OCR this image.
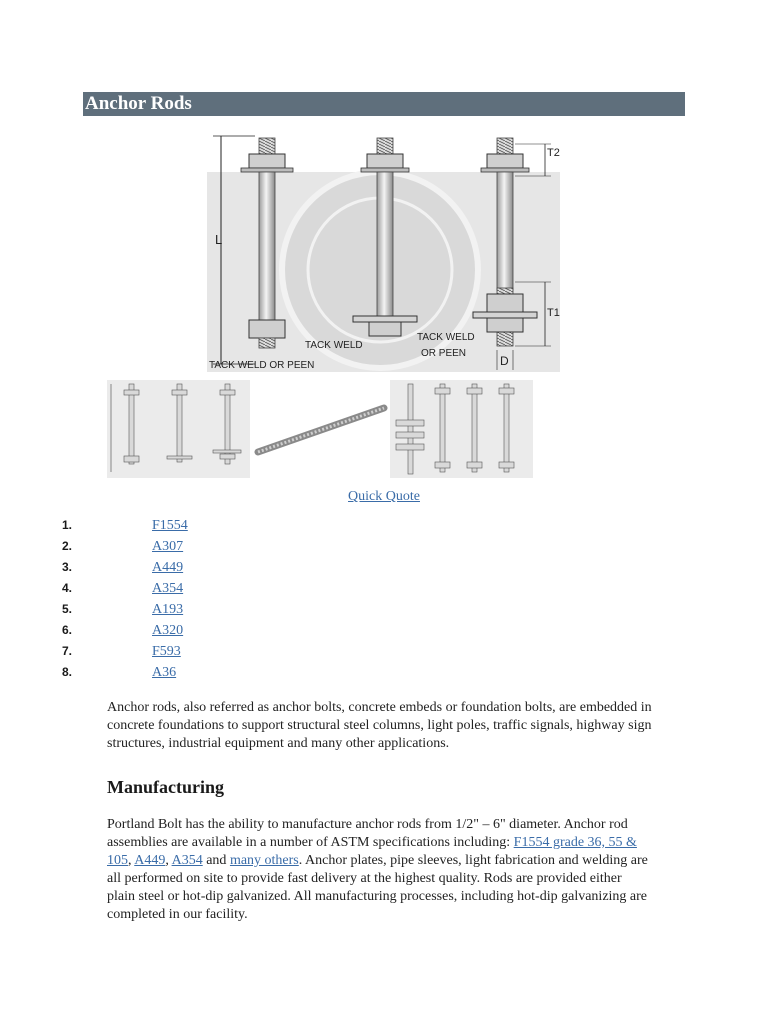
Anchor Rods
L
T2
T1
D
TACK WELD OR PEEN
TACK WELD
TACK WELD
OR PEEN
Quick Quote
1.	F1554
2.	A307
3.	A449
4.	A354
5.	A193
6.	A320
7.	F593
8.	A36

Anchor rods, also referred as anchor bolts, concrete embeds or foundation bolts, are embedded in concrete foundations to support structural steel columns, light poles, traffic signals, highway sign structures, industrial equipment and many other applications.

Manufacturing

Portland Bolt has the ability to manufacture anchor rods from 1/2" – 6" diameter. Anchor rod assemblies are available in a number of ASTM specifications including: F1554 grade 36, 55 & 105, A449, A354 and many others. Anchor plates, pipe sleeves, light fabrication and welding are all performed on site to provide fast delivery at the highest quality. Rods are provided either plain steel or hot-dip galvanized. All manufacturing processes, including hot-dip galvanizing are completed in our facility.
